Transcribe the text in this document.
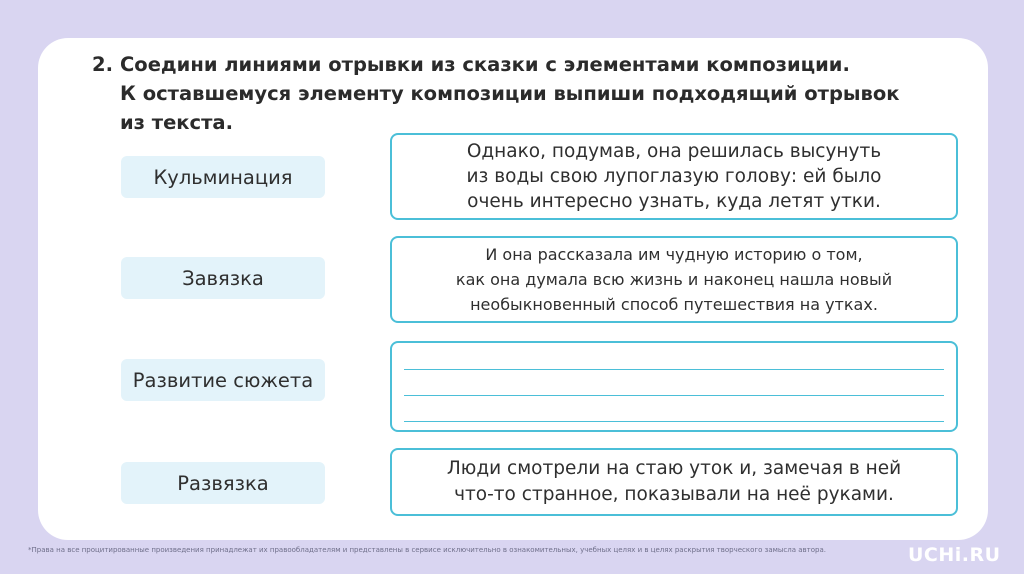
2. Соедини линиями отрывки из сказки с элементами композиции.
К оставшемуся элементу композиции выпиши подходящий отрывок
из текста.
Кульминация
Завязка
Развитие сюжета
Развязка
Однако, подумав, она решилась высунуть
из воды свою лупоглазую голову: ей было
очень интересно узнать, куда летят утки.
И она рассказала им чудную историю о том,
как она думала всю жизнь и наконец нашла новый
необыкновенный способ путешествия на утках.
Люди смотрели на стаю уток и, замечая в ней
что-то странное, показывали на неё руками.
*Права на все процитированные произведения принадлежат их правообладателям и представлены в сервисе исключительно в ознакомительных, учебных целях и в целях раскрытия творческого замысла автора.	UCHi.RU
